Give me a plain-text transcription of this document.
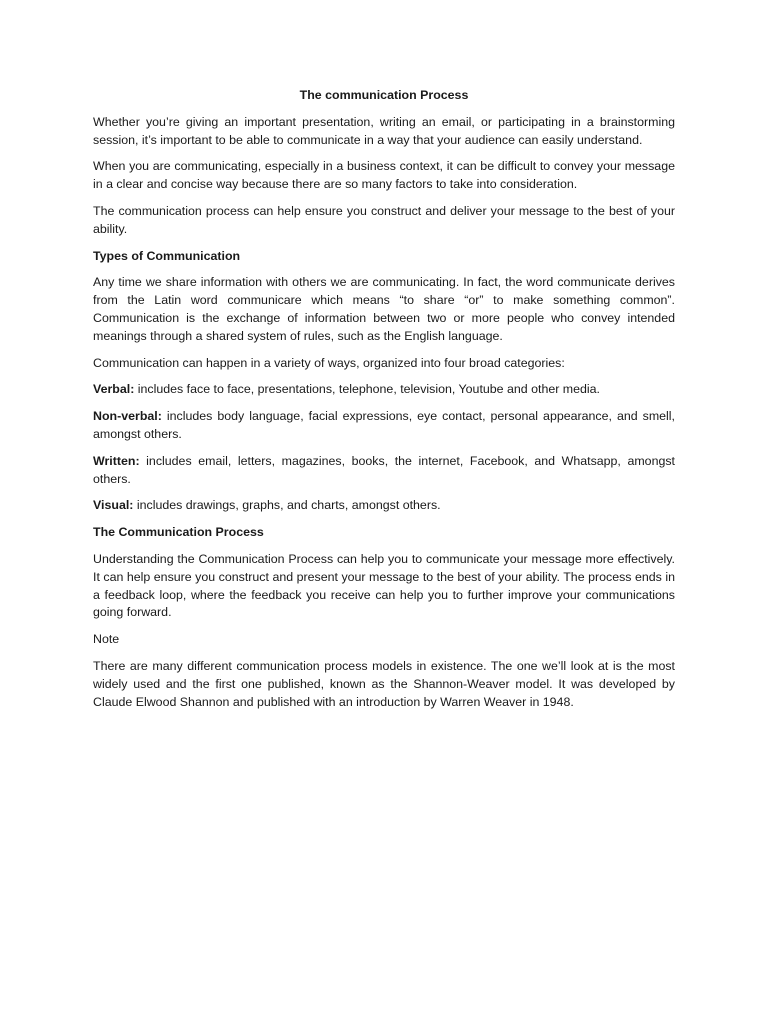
The communication Process

Whether you’re giving an important presentation, writing an email, or participating in a brainstorming session, it’s important to be able to communicate in a way that your audience can easily understand.

When you are communicating, especially in a business context, it can be difficult to convey your message in a clear and concise way because there are so many factors to take into consideration.

The communication process can help ensure you construct and deliver your message to the best of your ability.

Types of Communication

Any time we share information with others we are communicating. In fact, the word communicate derives from the Latin word communicare which means “to share “or” to make something common”. Communication is the exchange of information between two or more people who convey intended meanings through a shared system of rules, such as the English language.

Communication can happen in a variety of ways, organized into four broad categories:

Verbal: includes face to face, presentations, telephone, television, Youtube and other media.

Non-verbal: includes body language, facial expressions, eye contact, personal appearance, and smell, amongst others.

Written: includes email, letters, magazines, books, the internet, Facebook, and Whatsapp, amongst others.

Visual: includes drawings, graphs, and charts, amongst others.

The Communication Process

Understanding the Communication Process can help you to communicate your message more effectively. It can help ensure you construct and present your message to the best of your ability. The process ends in a feedback loop, where the feedback you receive can help you to further improve your communications going forward.

Note

There are many different communication process models in existence. The one we’ll look at is the most widely used and the first one published, known as the Shannon-Weaver model. It was developed by Claude Elwood Shannon and published with an introduction by Warren Weaver in 1948.
